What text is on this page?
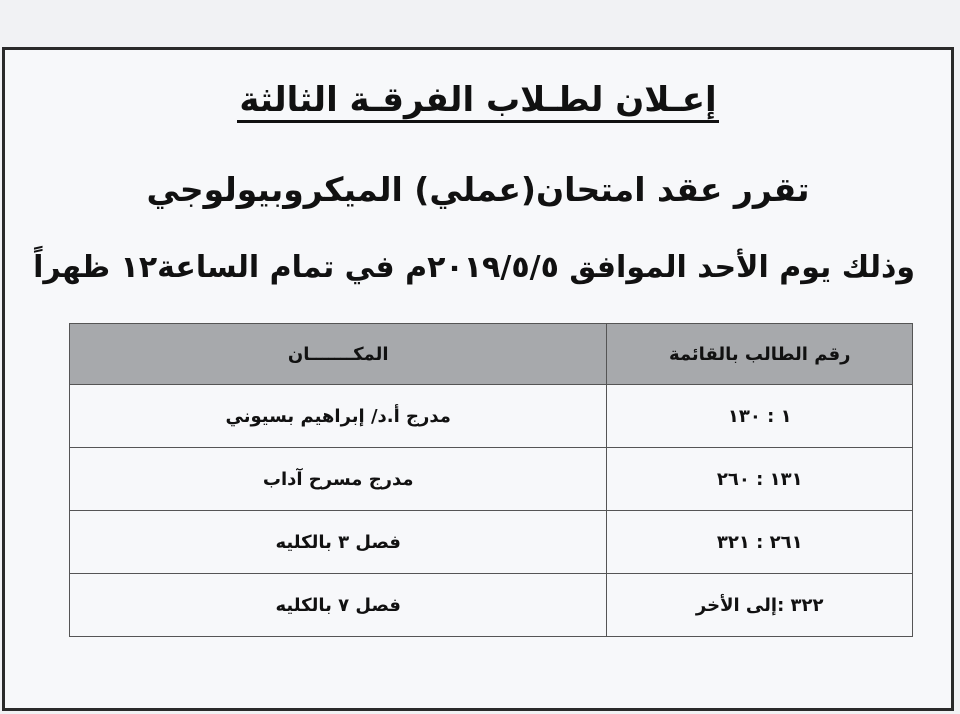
إعـلان لطـلاب الفرقـة الثالثة
تقرر عقد امتحان(عملي) الميكروبيولوجي
وذلك يوم الأحد الموافق ٢٠١٩/٥/٥م في تمام الساعة١٢ ظهراً
رقم الطالب بالقائمة	المكـــــــان
١ : ١٣٠	مدرج أ.د/ إبراهيم بسيوني
١٣١ : ٢٦٠	مدرج مسرح آداب
٢٦١ : ٣٢١	فصل ٣ بالكليه
٣٢٢ :إلى الأخر	فصل ٧ بالكليه
